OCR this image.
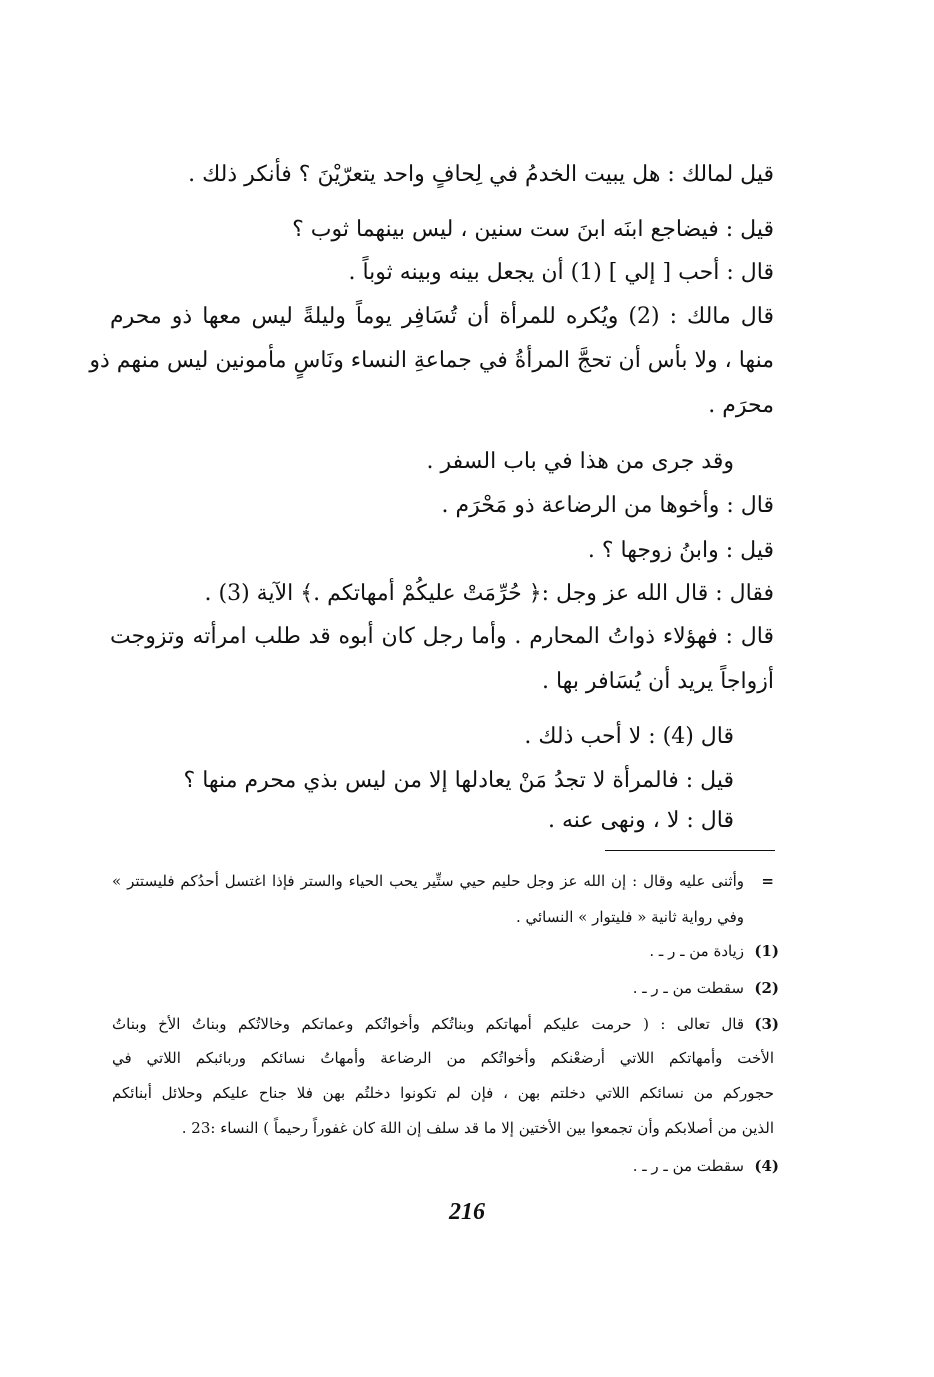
قيل لمالك : هل يبيت الخدمُ في لِحافٍ واحد يتعرّيْنَ ؟ فأنكر ذلك .
قيل : فيضاجع ابنَه ابنَ ست سنين ، ليس بينهما ثوب ؟
قال : أحب [ إلي ] (1) أن يجعل بينه وبينه ثوباً .
قال مالك : (2) ويُكره للمرأة أن تُسَافِر يوماً وليلةً ليس معها ذو محرم
منها ، ولا بأس أن تحجَّ المرأةُ في جماعةِ النساء ونَاسٍ مأمونين ليس منهم ذو
محرَم .
وقد جرى من هذا في باب السفر .
قال : وأخوها من الرضاعة ذو مَحْرَم .
قيل : وابنُ زوجها ؟ .
فقال : قال الله عز وجل :﴿ حُرِّمَتْ عليكُمْ أمهاتكم .﴾ الآية (3) .
قال : فهؤلاء ذواتُ المحارم . وأما رجل كان أبوه قد طلب امرأته وتزوجت
أزواجاً يريد أن يُسَافر بها .
قال (4) : لا أحب ذلك .
قيل : فالمرأة لا تجدُ مَنْ يعادلها إلا من ليس بذي محرم منها ؟
قال : لا ، ونهى عنه .
=
وأثنى عليه وقال : إن الله عز وجل حليم حيي ستِّير يحب الحياء والستر فإذا اغتسل أحدُكم فليستتر »
وفي رواية ثانية « فليتوار » النسائي .
(1)
زيادة من ـ ر ـ .
(2)
سقطت من ـ ر ـ .
(3)
قال تعالى : ( حرمت عليكم أمهاتكم وبناتُكم وأخواتُكم وعماتكم وخالاتُكم وبناتُ الأخ وبناتُ
الأخت وأمهاتكم اللاتي أرضعْنكم وأخواتُكم من الرضاعة وأمهاتُ نسائكم وربائبكم اللاتي في
حجوركم من نسائكم اللاتي دخلتم بهن ، فإن لم تكونوا دخلتُم بهن فلا جناح عليكم وحلائل أبنائكم
الذين من أصلابكم وأن تجمعوا بين الأختين إلا ما قد سلف إن اللهَ كان غفوراً رحيماً ) النساء :23 .
(4)
سقطت من ـ ر ـ .
216
